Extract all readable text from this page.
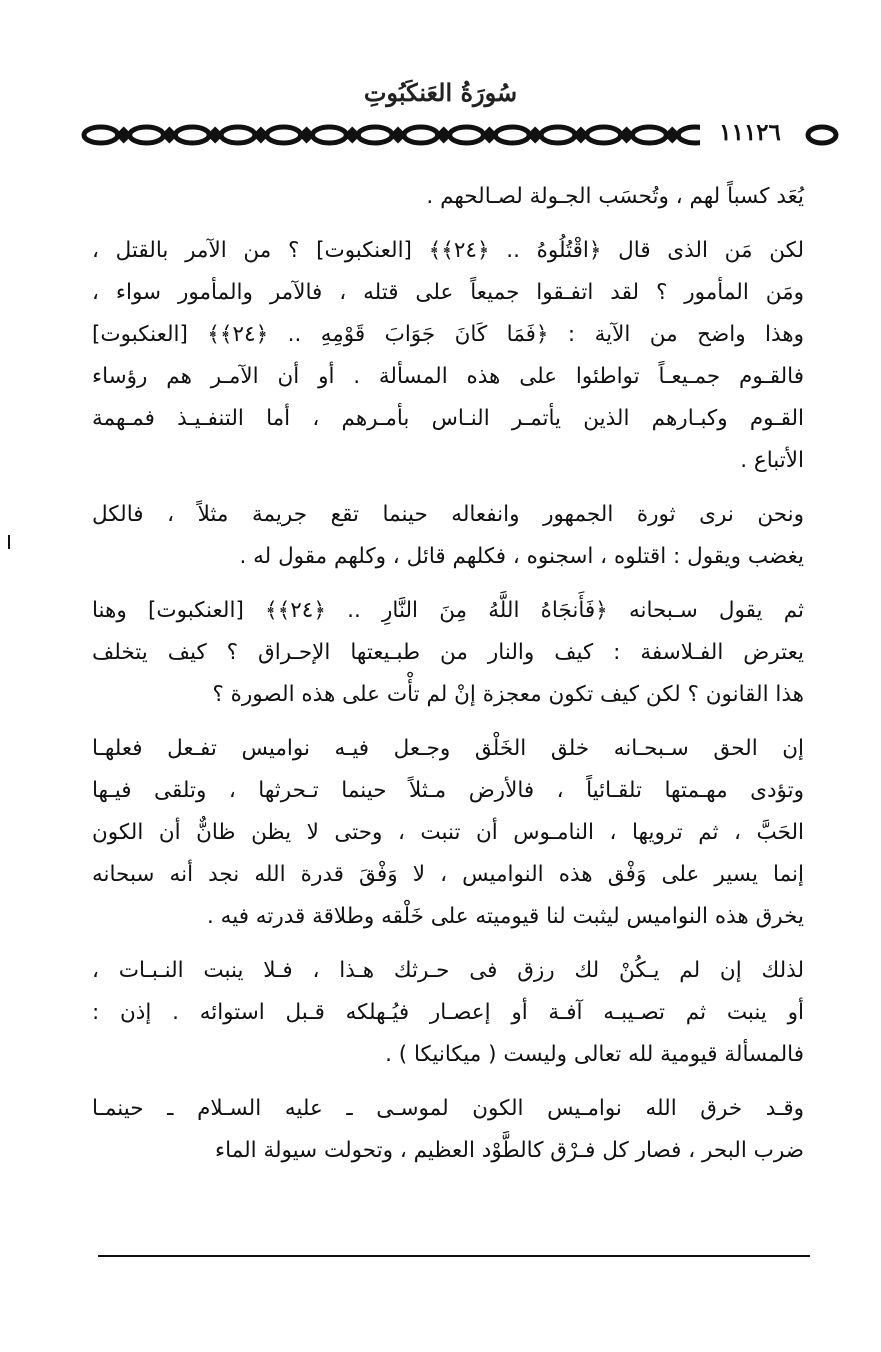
سُورَةُ العَنكَبُوتِ
١١١٢٦
يُعَد كسباً لهم ، وتُحسَب الجـولة لصـالحهم .
لكن مَن الذى قال ﴿اقْتُلُوهُ .. ﴿٢٤﴾﴾ [العنكبوت] ؟ من الآمر بالقتل ،
ومَن المأمور ؟ لقد اتفـقوا جميعاً على قتله ، فالآمر والمأمور سواء ،
وهذا واضح من الآية : ﴿فَمَا كَانَ جَوَابَ قَوْمِهِ .. ﴿٢٤﴾﴾ [العنكبوت]
فالقـوم جمـيعـاً تواطئوا على هذه المسألة . أو أن الآمـر هم رؤساء
القـوم وكبـارهم الذين يأتمـر النـاس بأمـرهم ، أما التنفـيـذ فمـهمة
الأتباع .
ونحن نرى ثورة الجمهور وانفعاله حينما تقع جريمة مثلاً ، فالكل
يغضب ويقول : اقتلوه ، اسجنوه ، فكلهم قائل ، وكلهم مقول له .
ثم يقول سـبحانه ﴿فَأَنجَاهُ اللَّهُ مِنَ النَّارِ .. ﴿٢٤﴾﴾ [العنكبوت] وهنا
يعترض الفـلاسفة : كيف والنار من طبـيعتها الإحـراق ؟ كيف يتخلف
هذا القانون ؟ لكن كيف تكون معجزة إنْ لم تأْت على هذه الصورة ؟
إن الحق سـبحـانه خلق الخَلْق وجـعل فيـه نواميس تفـعل فعلهـا
وتؤدى مهـمتها تلقـائياً ، فالأرض مـثلاً حينما تـحرثها ، وتلقى فيـها
الحَبَّ ، ثم ترويها ، النامـوس أن تنبت ، وحتى لا يظن ظانٌّ أن الكون
إنما يسير على وَفْق هذه النواميس ، لا وَفْقَ قدرة الله نجد أنه سبحانه
يخرق هذه النواميس ليثبت لنا قيوميته على خَلْقه وطلاقة قدرته فيه .
لذلك إن لم يـكُنْ لك رزق فى حـرثك هـذا ، فـلا ينبت النـبـات ،
أو ينبت ثم تصـيبـه آفـة أو إعصـار فيُـهلكه قـبل استوائه . إذن :
فالمسألة قيومية لله تعالى وليست ( ميكانيكا ) .
وقـد خرق الله نوامـيس الكون لموسـى ـ عليه السـلام ـ حينمـا
ضرب البحر ، فصار كل فـرْق كالطَّوْد العظيم ، وتحولت سيولة الماء
